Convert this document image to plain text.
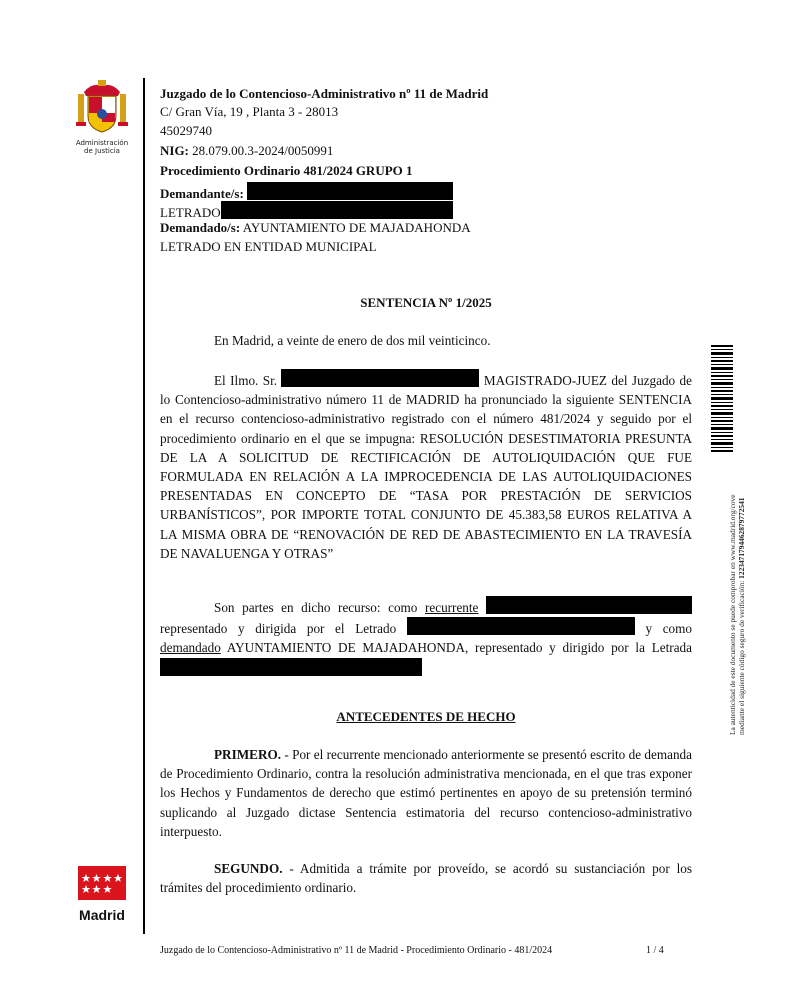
Administración
de Justicia
Juzgado de lo Contencioso-Administrativo nº 11 de Madrid
C/ Gran Vía, 19 , Planta 3 - 28013
45029740
NIG: 28.079.00.3-2024/0050991
Procedimiento Ordinario 481/2024 GRUPO 1
Demandante/s:
LETRADO
Demandado/s: AYUNTAMIENTO DE MAJADAHONDA
LETRADO EN ENTIDAD MUNICIPAL
SENTENCIA Nº 1/2025
En Madrid, a veinte de enero de dos mil veinticinco.
El Ilmo. Sr.	MAGISTRADO-JUEZ del Juzgado de lo Contencioso-administrativo número 11 de MADRID ha pronunciado la siguiente SENTENCIA en el recurso contencioso-administrativo registrado con el número 481/2024 y seguido por el procedimiento ordinario en el que se impugna: RESOLUCIÓN DESESTIMATORIA PRESUNTA DE LA A SOLICITUD DE RECTIFICACIÓN DE AUTOLIQUIDACIÓN QUE FUE FORMULADA EN RELACIÓN A LA IMPROCEDENCIA DE LAS AUTOLIQUIDACIONES PRESENTADAS EN CONCEPTO DE “TASA POR PRESTACIÓN DE SERVICIOS URBANÍSTICOS”, POR IMPORTE TOTAL CONJUNTO DE 45.383,58 EUROS RELATIVA A LA MISMA OBRA DE “RENOVACIÓN DE RED DE ABASTECIMIENTO EN LA TRAVESÍA DE NAVALUENGA Y OTRAS”
Son partes en dicho recurso: como recurrente  representado y dirigida por el Letrado	y como demandado AYUNTAMIENTO DE MAJADAHONDA, representado y dirigido por la Letrada
ANTECEDENTES DE HECHO
PRIMERO. - Por el recurrente mencionado anteriormente se presentó escrito de demanda de Procedimiento Ordinario, contra la resolución administrativa mencionada, en el que tras exponer los Hechos y Fundamentos de derecho que estimó pertinentes en apoyo de su pretensión terminó suplicando al Juzgado dictase Sentencia estimatoria del recurso contencioso-administrativo interpuesto.
SEGUNDO. - Admitida a trámite por proveído, se acordó su sustanciación por los trámites del procedimiento ordinario.
Madrid
La autenticidad de este documento se puede comprobar en www.madrid.org/cove mediante el siguiente código seguro de verificación: 1223471794462879772541
Juzgado de lo Contencioso-Administrativo nº 11 de Madrid - Procedimiento Ordinario - 481/2024	1 / 4
